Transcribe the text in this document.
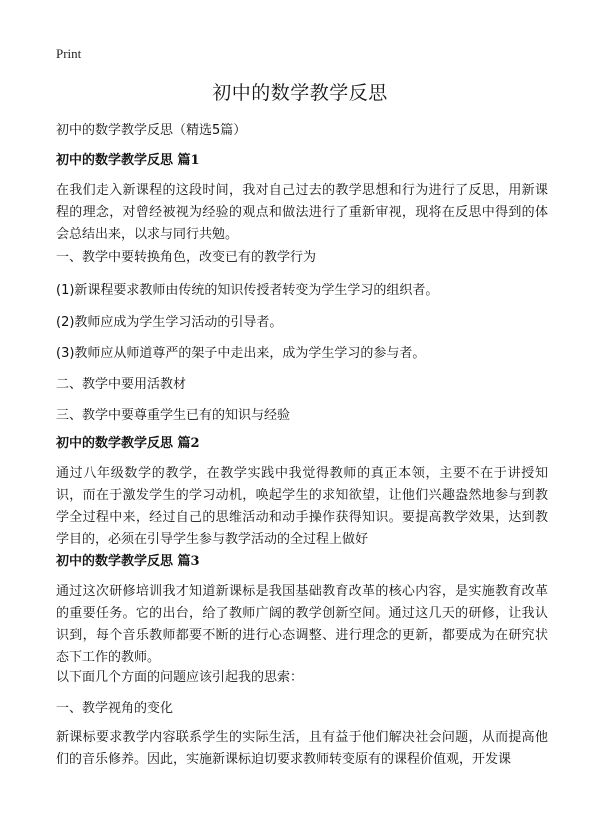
Print
初中的数学教学反思

初中的数学教学反思（精选5篇）

初中的数学教学反思 篇1

在我们走入新课程的这段时间，我对自己过去的教学思想和行为进行了反思，用新课程的理念，对曾经被视为经验的观点和做法进行了重新审视，现将在反思中得到的体会总结出来，以求与同行共勉。

一、教学中要转换角色，改变已有的教学行为

(1)新课程要求教师由传统的知识传授者转变为学生学习的组织者。

(2)教师应成为学生学习活动的引导者。

(3)教师应从师道尊严的架子中走出来，成为学生学习的参与者。

二、教学中要用活教材

三、教学中要尊重学生已有的知识与经验

初中的数学教学反思 篇2

通过八年级数学的教学，在教学实践中我觉得教师的真正本领，主要不在于讲授知识，而在于激发学生的学习动机，唤起学生的求知欲望，让他们兴趣盎然地参与到教学全过程中来，经过自己的思维活动和动手操作获得知识。要提高教学效果，达到教学目的，必须在引导学生参与教学活动的全过程上做好

初中的数学教学反思 篇3

通过这次研修培训我才知道新课标是我国基础教育改革的核心内容，是实施教育改革的重要任务。它的出台，给了教师广阔的教学创新空间。通过这几天的研修，让我认识到，每个音乐教师都要不断的进行心态调整、进行理念的更新，都要成为在研究状态下工作的教师。

以下面几个方面的问题应该引起我的思索：

一、教学视角的变化

新课标要求教学内容联系学生的实际生活，且有益于他们解决社会问题，从而提高他们的音乐修养。因此，实施新课标迫切要求教师转变原有的课程价值观，开发课
